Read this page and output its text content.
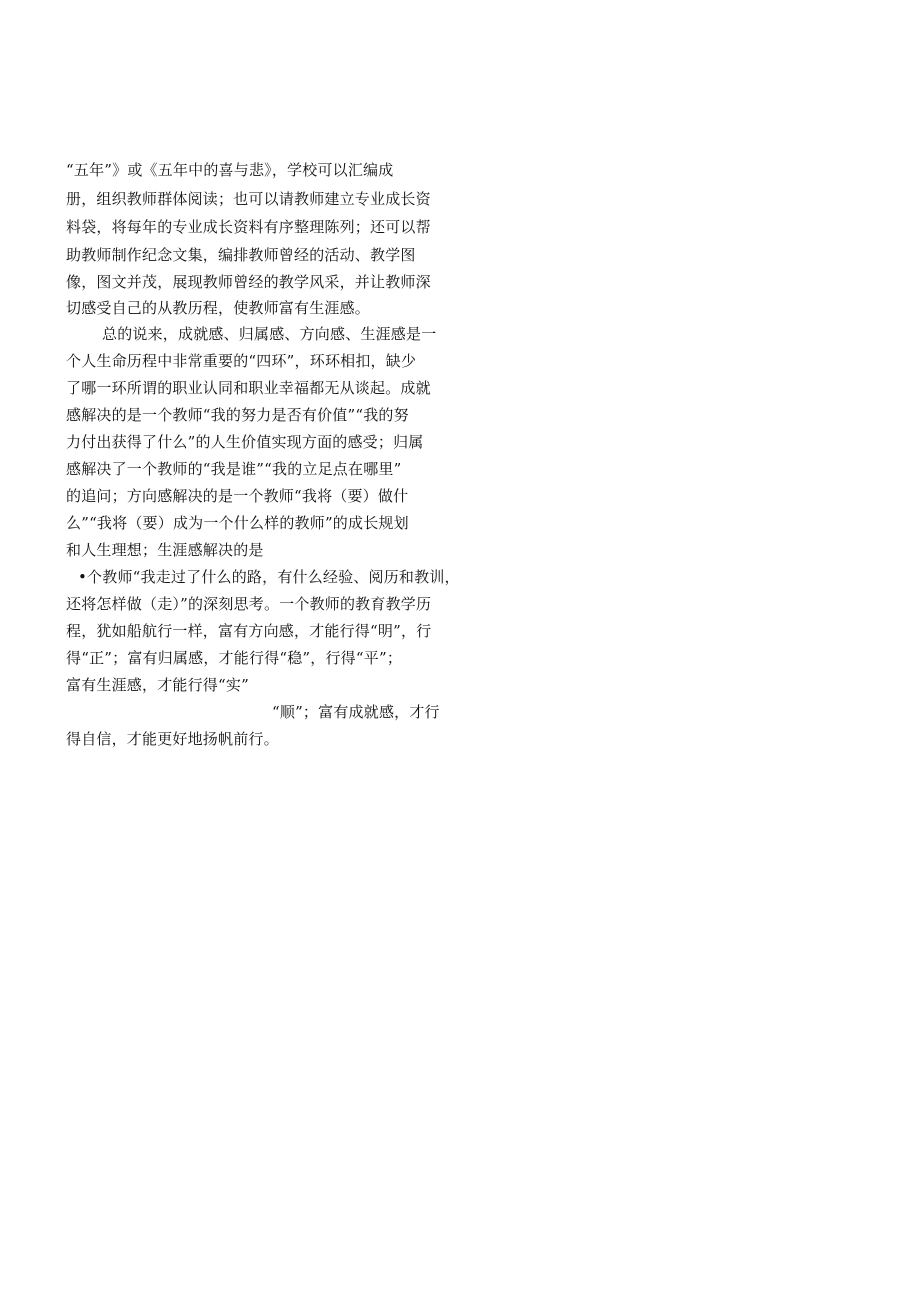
“五年”》或《五年中的喜与悲》，学校可以汇编成
册，组织教师群体阅读；也可以请教师建立专业成长资
料袋，将每年的专业成长资料有序整理陈列；还可以帮
助教师制作纪念文集，编排教师曾经的活动、教学图
像，图文并茂，展现教师曾经的教学风采，并让教师深
切感受自己的从教历程，使教师富有生涯感。
总的说来，成就感、归属感、方向感、生涯感是一
个人生命历程中非常重要的“四环”，环环相扣，缺少
了哪一环所谓的职业认同和职业幸福都无从谈起。成就
感解决的是一个教师“我的努力是否有价值”“我的努
力付出获得了什么”的人生价值实现方面的感受；归属
感解决了一个教师的“我是谁”“我的立足点在哪里”
的追问；方向感解决的是一个教师“我将（要）做什
么”“我将（要）成为一个什么样的教师”的成长规划
和人生理想；生涯感解决的是
•个教师“我走过了什么的路，有什么经验、阅历和教训，
还将怎样做（走）”的深刻思考。一个教师的教育教学历
程，犹如船航行一样，富有方向感，才能行得“明”，行
得“正”；富有归属感，才能行得“稳”，行得“平”；
富有生涯感，才能行得“实”
“顺”；富有成就感，才行
得自信，才能更好地扬帆前行。
